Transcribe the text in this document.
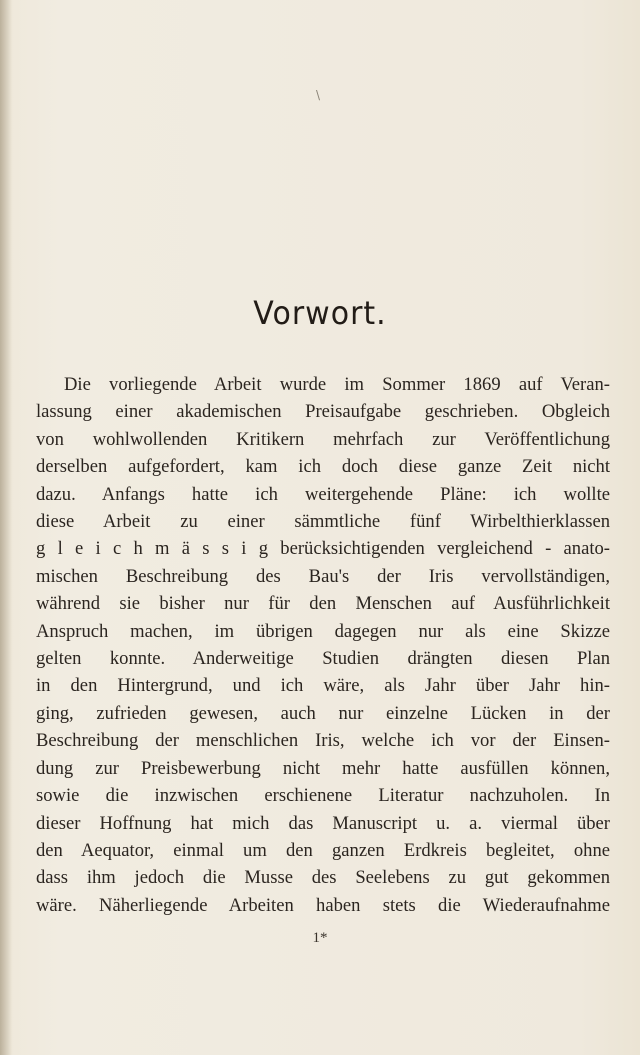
\
Vorwort.
Die vorliegende Arbeit wurde im Sommer 1869 auf Veran-
lassung einer akademischen Preisaufgabe geschrieben. Obgleich
von wohlwollenden Kritikern mehrfach zur Veröffentlichung
derselben aufgefordert, kam ich doch diese ganze Zeit nicht
dazu. Anfangs hatte ich weitergehende Pläne: ich wollte
diese Arbeit zu einer sämmtliche fünf Wirbelthierklassen
g l e i c h m ä s s i g berücksichtigenden vergleichend - anato-
mischen Beschreibung des Bau's der Iris vervollständigen,
während sie bisher nur für den Menschen auf Ausführlichkeit
Anspruch machen, im übrigen dagegen nur als eine Skizze
gelten konnte. Anderweitige Studien drängten diesen Plan
in den Hintergrund, und ich wäre, als Jahr über Jahr hin-
ging, zufrieden gewesen, auch nur einzelne Lücken in der
Beschreibung der menschlichen Iris, welche ich vor der Einsen-
dung zur Preisbewerbung nicht mehr hatte ausfüllen können,
sowie die inzwischen erschienene Literatur nachzuholen. In
dieser Hoffnung hat mich das Manuscript u. a. viermal über
den Aequator, einmal um den ganzen Erdkreis begleitet, ohne
dass ihm jedoch die Musse des Seelebens zu gut gekommen
wäre. Näherliegende Arbeiten haben stets die Wiederaufnahme
1*
